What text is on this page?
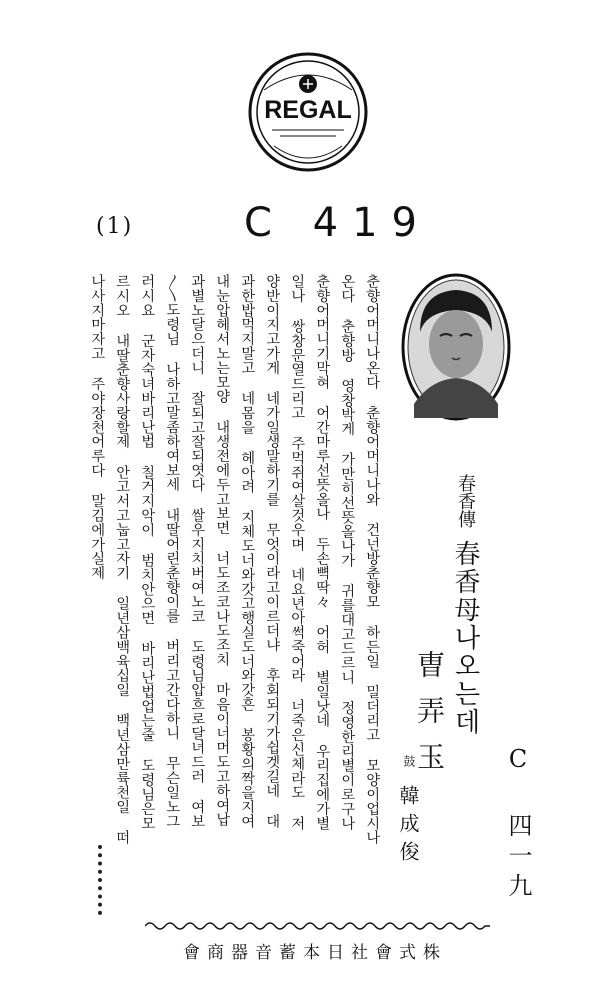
REGAL
(1)	C 419
춘향어머니나온다 춘향어머니나와 건넌방춘향모 하든일 밀더리고 모양이업시나
온다 춘향방 영창박게 가만히선뜻올나가 귀를대고드르니 정영한리별이로구나
춘향어머니기막혀 어간마루선뜻올나 두손뼉딱々 어허 별일낫네 우리집에가별
일나 쌍창문열드리고 주먹쥐여살것우며 네요년아썩죽어라 너죽은신체라도 저
양반이지고가게 네가일생말하기를 무엇이라고이르더냐 후회되기가쉽겟길네 대
과한밥먹지말고 네몸을 헤아려 지체도너와갓고행실도너와갓흔 봉황의짝을지여
내눈압헤서노는모양 내생전에두고보면 너도조코나도조치 마음이너머도고하여납
과별노달으더니 잘되고잘되엿다 쌀우지치버여노코 도령님압흐로달녀드러 여보
〱도령님 나하고말좀하여보세 내딸어린춘향이를 버리고간다하니 무슨일노그
러시요 군자숙녀바리난법 칠거지악이 범치안으면 바리난법업는줄 도령님은모
르시오 내딸춘향사랑할제 안고서고눕고자기 일년삼백육십일 백년삼만륙천일 떠
나사지마자고 주야장천어루다 말김에가실제	春香傳
春香母나오는데
曺弄玉
鼓
韓成俊	C 四一九
株式會社日本蓄音器商會
